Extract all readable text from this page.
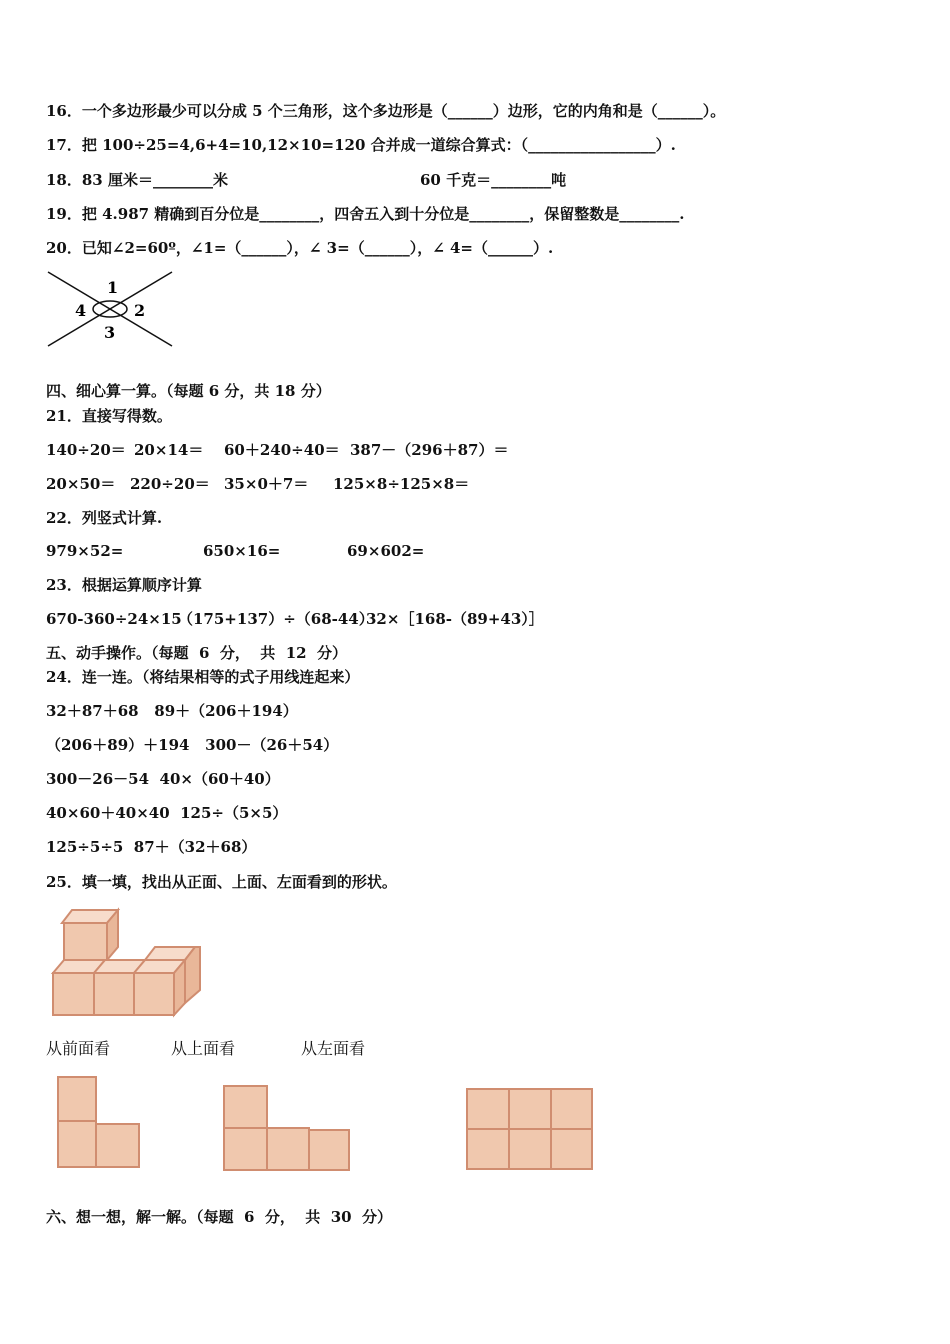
16．一个多边形最少可以分成 5 个三角形，这个多边形是（______）边形，它的内角和是（______）。
17．把 100÷25=4,6+4=10,12×10=120 合并成一道综合算式：（_________________）.
18．83 厘米＝________米	60 千克＝________吨
19．把 4.987 精确到百分位是________，四舍五入到十分位是________，保留整数是________.
20．已知∠2=60º，∠1=（______），∠ 3=（______），∠ 4=（______）.
1
2
3
4
四、细心算一算。（每题 6 分，共 18 分）
21．直接写得数。
140÷20＝ 20×14＝ 60＋240÷40＝ 387－（296＋87）＝
20×50＝ 220÷20＝ 35×0＋7＝ 125×8÷125×8＝
22．列竖式计算.
979×52=	650×16=	69×602=
23．根据运算顺序计算
670-360÷24×15
（175+137）÷（68-44）
32×［168-（89+43）］
五、动手操作。（每题  6  分，  共  12  分）
24．连一连。（将结果相等的式子用线连起来）
32＋87＋68   89＋（206＋194）
（206＋89）＋194   300－（26＋54）
300－26－54  40×（60＋40）
40×60＋40×40  125÷（5×5）
125÷5÷5  87＋（32＋68）
25．填一填，找出从正面、上面、左面看到的形状。
从前面看	从上面看	从左面看
六、想一想，解一解。（每题  6  分，  共  30  分）
